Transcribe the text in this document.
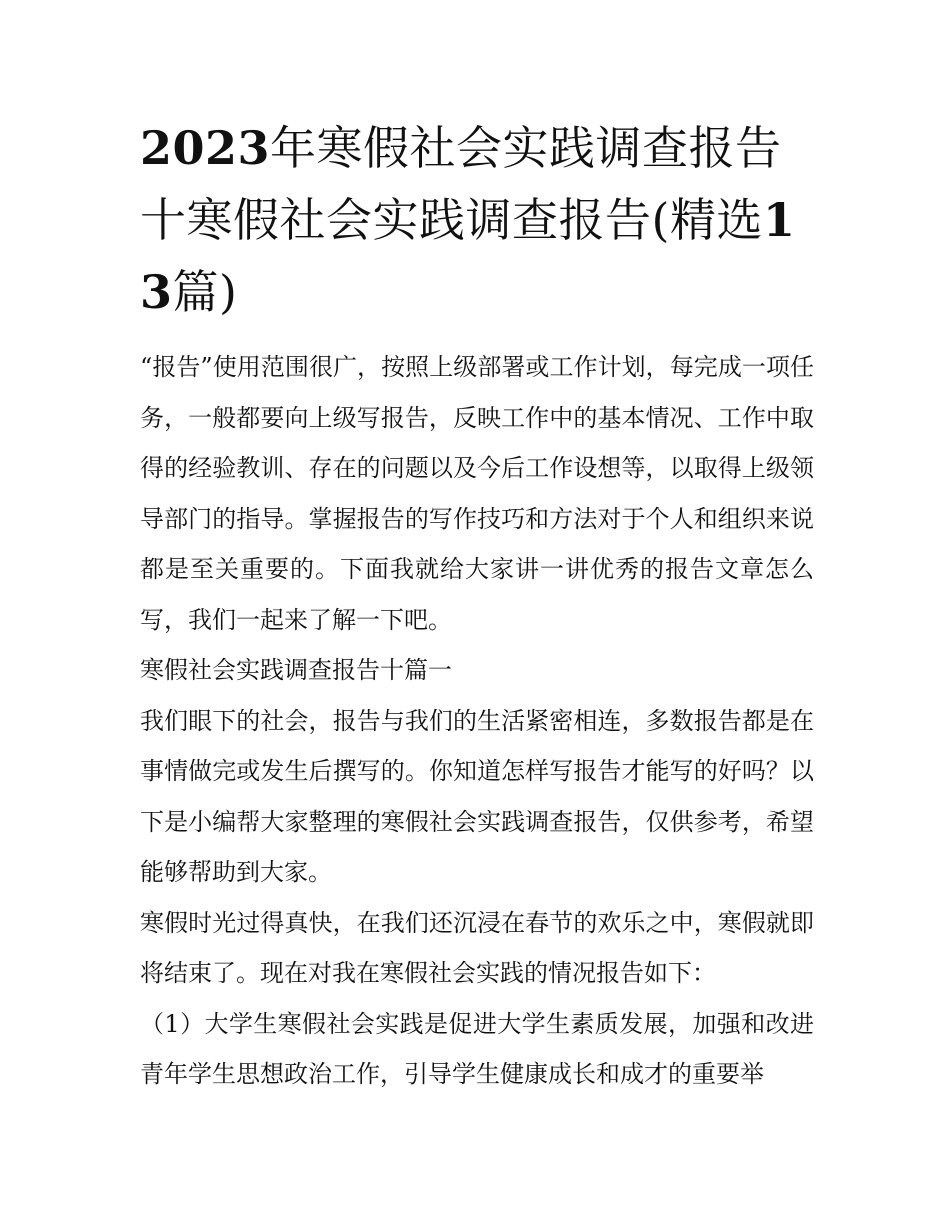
2023年寒假社会实践调查报告十寒假社会实践调查报告(精选13篇)

“报告”使用范围很广，按照上级部署或工作计划，每完成一项任务，一般都要向上级写报告，反映工作中的基本情况、工作中取得的经验教训、存在的问题以及今后工作设想等，以取得上级领导部门的指导。掌握报告的写作技巧和方法对于个人和组织来说都是至关重要的。下面我就给大家讲一讲优秀的报告文章怎么写，我们一起来了解一下吧。

寒假社会实践调查报告十篇一

我们眼下的社会，报告与我们的生活紧密相连，多数报告都是在事情做完或发生后撰写的。你知道怎样写报告才能写的好吗？以下是小编帮大家整理的寒假社会实践调查报告，仅供参考，希望能够帮助到大家。

寒假时光过得真快，在我们还沉浸在春节的欢乐之中，寒假就即将结束了。现在对我在寒假社会实践的情况报告如下：

（1）大学生寒假社会实践是促进大学生素质发展，加强和改进青年学生思想政治工作，引导学生健康成长和成才的重要举
